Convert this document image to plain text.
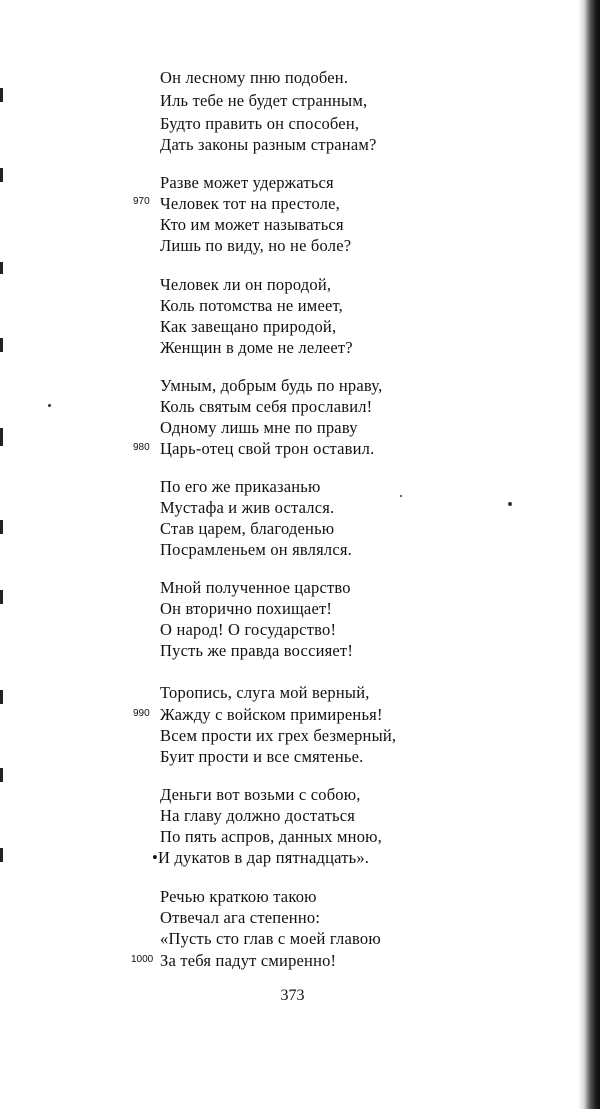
Он лесному пню подобен.
Иль тебе не будет странным,
Будто править он способен,
Дать законы разным странам?
Разве может удержаться
970 Человек тот на престоле,
Кто им может называться
Лишь по виду, но не боле?
Человек ли он породой,
Коль потомства не имеет,
Как завещано природой,
Женщин в доме не лелеет?
Умным, добрым будь по нраву,
Коль святым себя прославил!
Одному лишь мне по праву
980 Царь-отец свой трон оставил.
По его же приказанью
Мустафа и жив остался.
Став царем, благоденью
Посрамленьем он являлся.
Мной полученное царство
Он вторично похищает!
О народ! О государство!
Пусть же правда воссияет!
Торопись, слуга мой верный,
990 Жажду с войском примиренья!
Всем прости их грех безмерный,
Буит прости и все смятенье.
Деньги вот возьми с собою,
На главу должно достаться
По пять аспров, данных мною,
•И дукатов в дар пятнадцать».
Речью краткою такою
Отвечал ага степенно:
«Пусть сто глав с моей главою
1000 За тебя падут смиренно!
373
